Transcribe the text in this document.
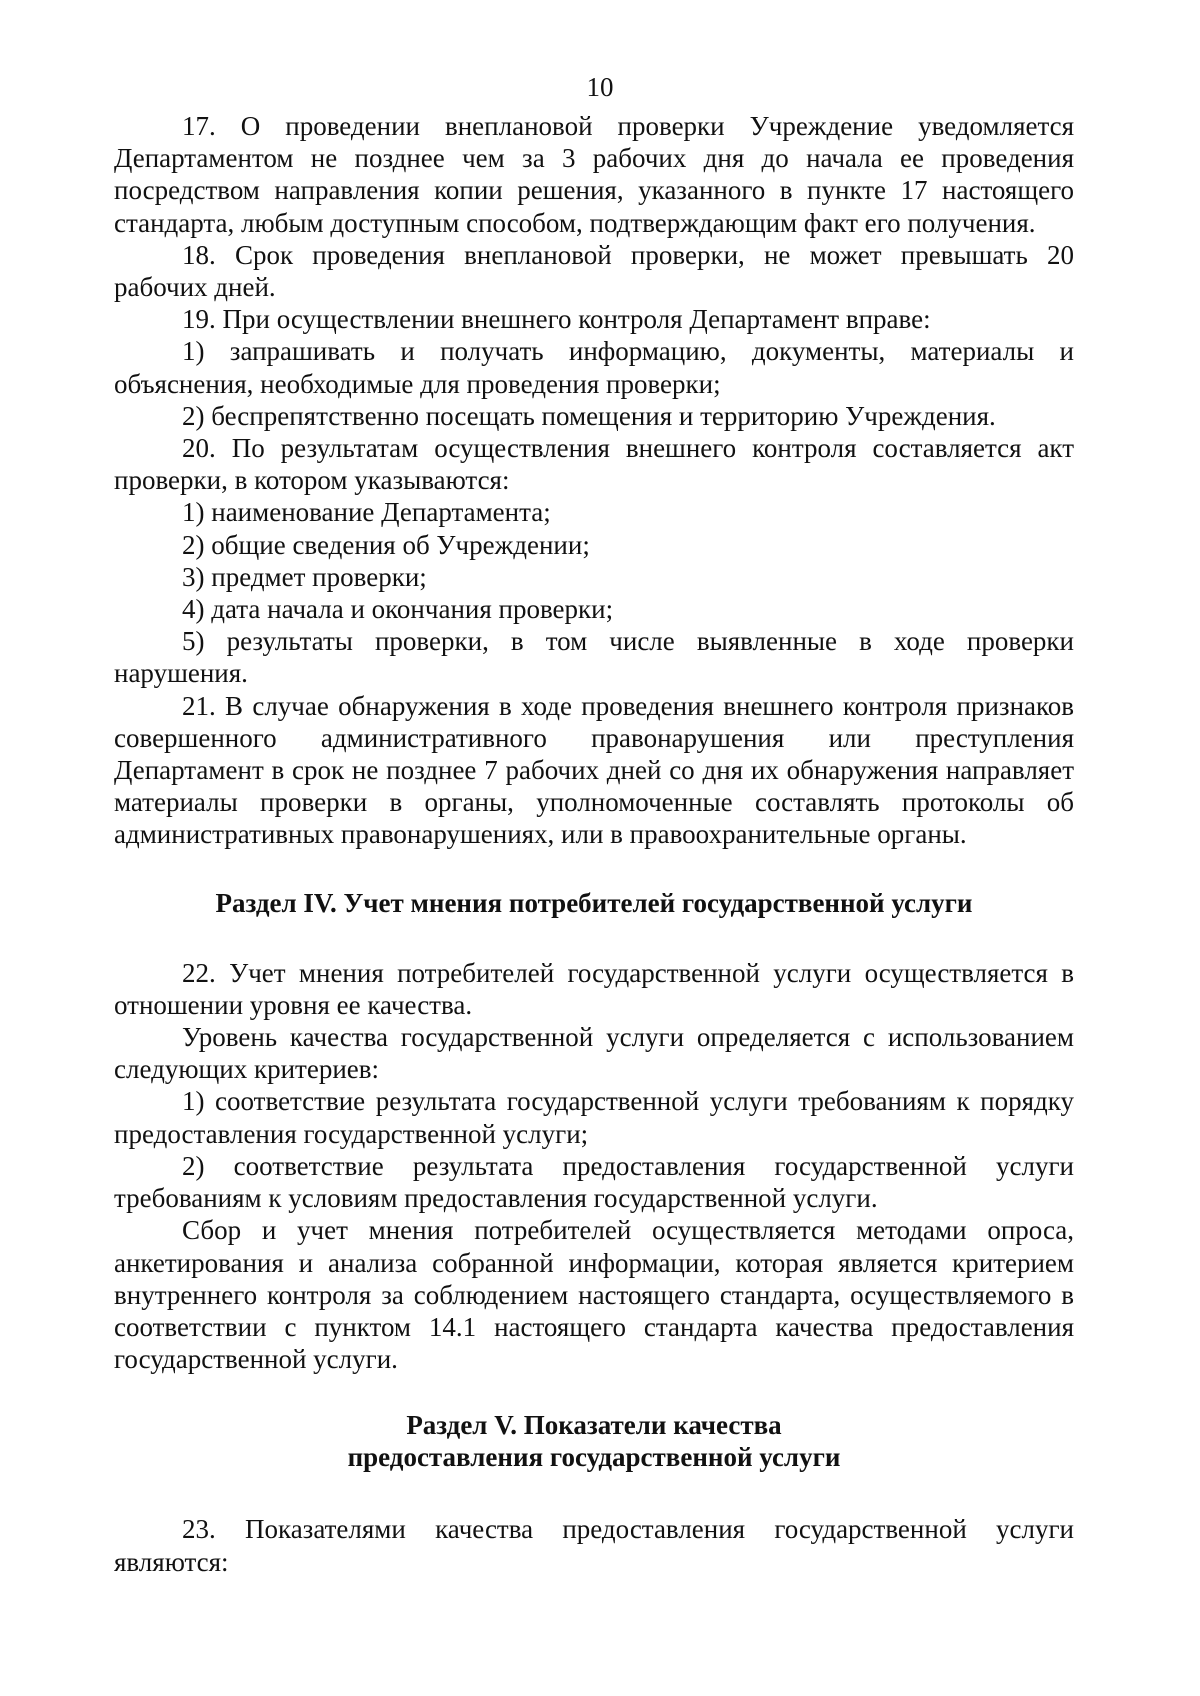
10

17. О проведении внеплановой проверки Учреждение уведомляется Департаментом не позднее чем за 3 рабочих дня до начала ее проведения посредством направления копии решения, указанного в пункте 17 настоящего стандарта, любым доступным способом, подтверждающим факт его получения.

18. Срок проведения внеплановой проверки, не может превышать 20 рабочих дней.

19. При осуществлении внешнего контроля Департамент вправе:

1) запрашивать и получать информацию, документы, материалы и объяснения, необходимые для проведения проверки;

2) беспрепятственно посещать помещения и территорию Учреждения.

20. По результатам осуществления внешнего контроля составляется акт проверки, в котором указываются:

1) наименование Департамента;

2) общие сведения об Учреждении;

3) предмет проверки;

4) дата начала и окончания проверки;

5) результаты проверки, в том числе выявленные в ходе проверки нарушения.

21. В случае обнаружения в ходе проведения внешнего контроля признаков совершенного административного правонарушения или преступления Департамент в срок не позднее 7 рабочих дней со дня их обнаружения направляет материалы проверки в органы, уполномоченные составлять протоколы об административных правонарушениях, или в правоохранительные органы.

Раздел IV. Учет мнения потребителей государственной услуги

22. Учет мнения потребителей государственной услуги осуществляется в отношении уровня ее качества.

Уровень качества государственной услуги определяется с использованием следующих критериев:

1) соответствие результата государственной услуги требованиям к порядку предоставления государственной услуги;

2) соответствие результата предоставления государственной услуги требованиям к условиям предоставления государственной услуги.

Сбор и учет мнения потребителей осуществляется методами опроса, анкетирования и анализа собранной информации, которая является критерием внутреннего контроля за соблюдением настоящего стандарта, осуществляемого в соответствии с пунктом 14.1 настоящего стандарта качества предоставления государственной услуги.

Раздел V. Показатели качества

предоставления государственной услуги

23. Показателями качества предоставления государственной услуги являются:
